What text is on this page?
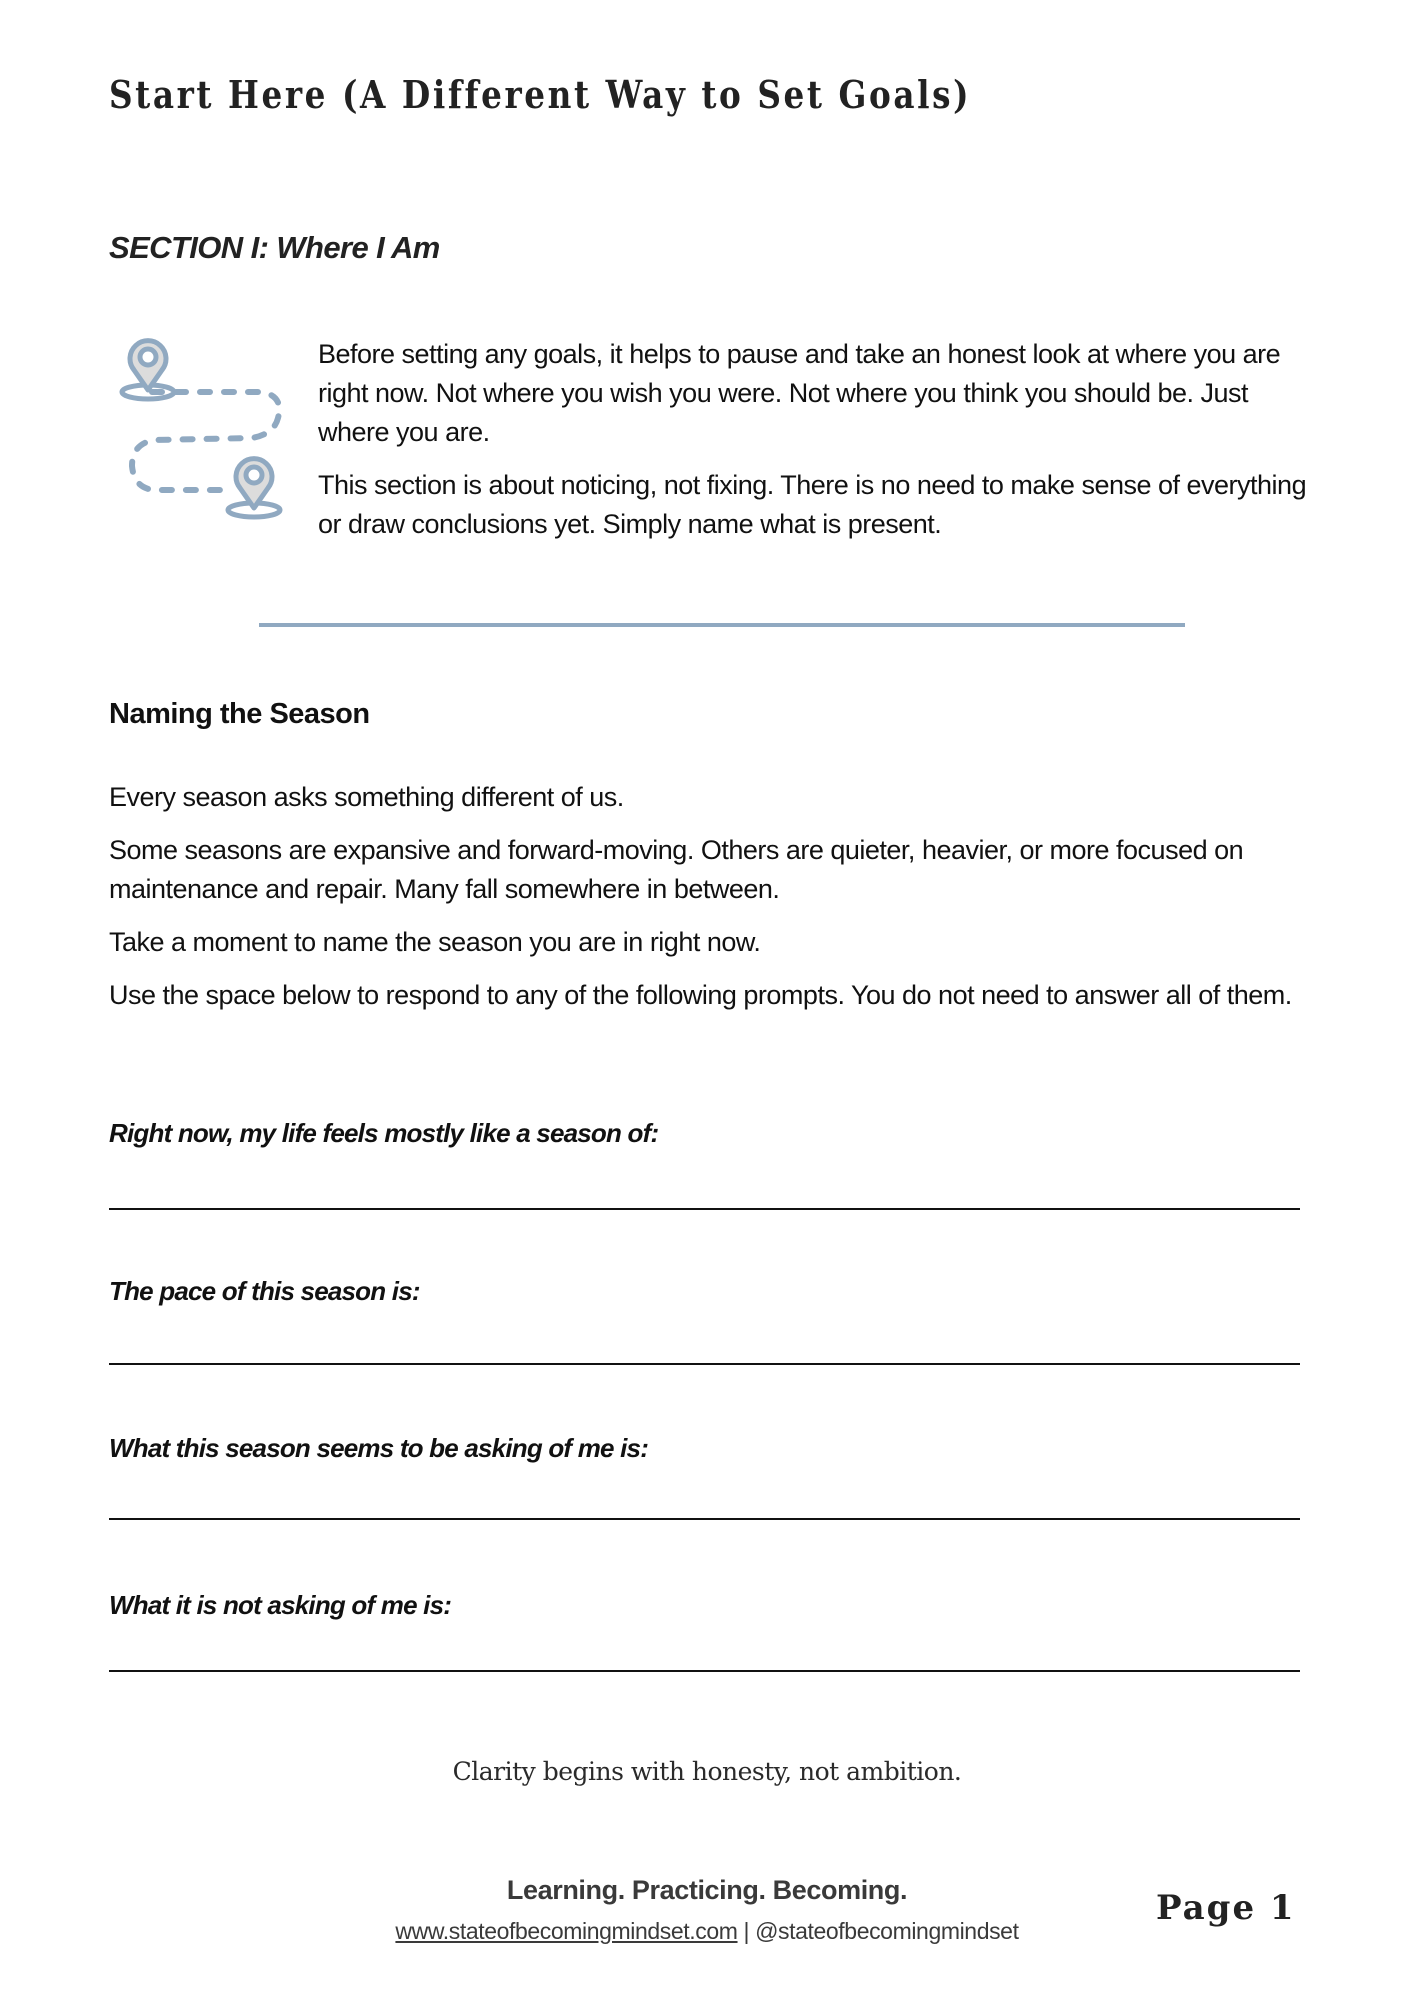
Start Here (A Different Way to Set Goals)
SECTION I: Where I Am

Before setting any goals, it helps to pause and take an honest look at where you are right now. Not where you wish you were. Not where you think you should be. Just where you are.

This section is about noticing, not fixing. There is no need to make sense of everything or draw conclusions yet. Simply name what is present.

Naming the Season

Every season asks something different of us.

Some seasons are expansive and forward-moving. Others are quieter, heavier, or more focused on maintenance and repair. Many fall somewhere in between.

Take a moment to name the season you are in right now.

Use the space below to respond to any of the following prompts. You do not need to answer all of them.

Right now, my life feels mostly like a season of:
The pace of this season is:
What this season seems to be asking of me is:
What it is not asking of me is:
Clarity begins with honesty, not ambition.
Learning. Practicing. Becoming.
www.stateofbecomingmindset.com | @stateofbecomingmindset
Page 1
